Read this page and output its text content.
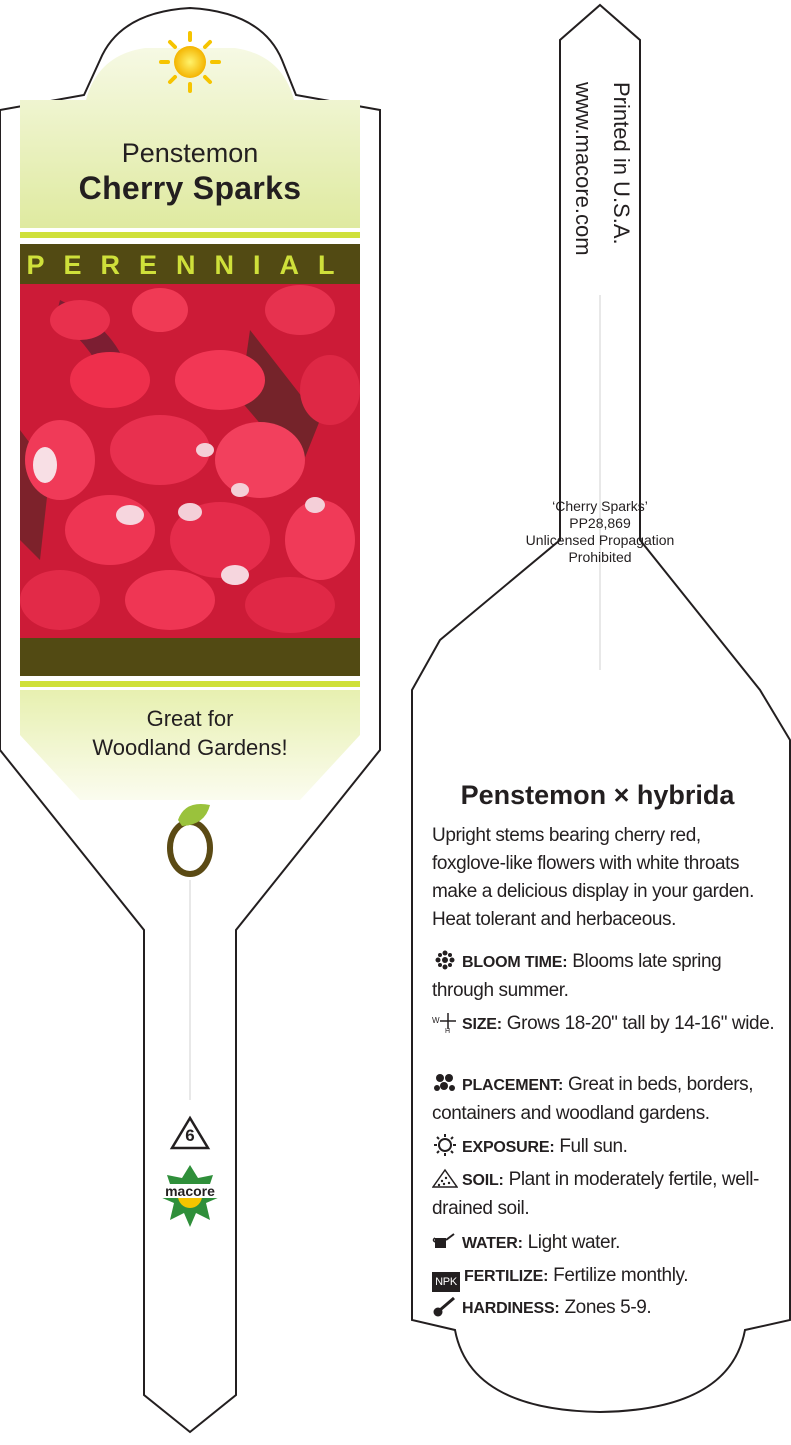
Penstemon
Cherry Sparks
PERENNIAL
Great for
Woodland Gardens!
6
macore
Printed in U.S.A.
www.macore.com
‘Cherry Sparks’
PP28,869
Unlicensed Propagation
Prohibited
Penstemon × hybrida
Upright stems bearing cherry red, foxglove-like flowers with white throats make a delicious display in your garden. Heat tolerant and herbaceous.
BLOOM TIME: Blooms late spring through summer.
W
H SIZE: Grows 18-20" tall by 14-16" wide.
PLACEMENT: Great in beds, borders, containers and woodland gardens.
EXPOSURE: Full sun.
SOIL: Plant in moderately fertile, well-drained soil.
WATER: Light water.
NPK FERTILIZE: Fertilize monthly.
HARDINESS: Zones 5-9.
